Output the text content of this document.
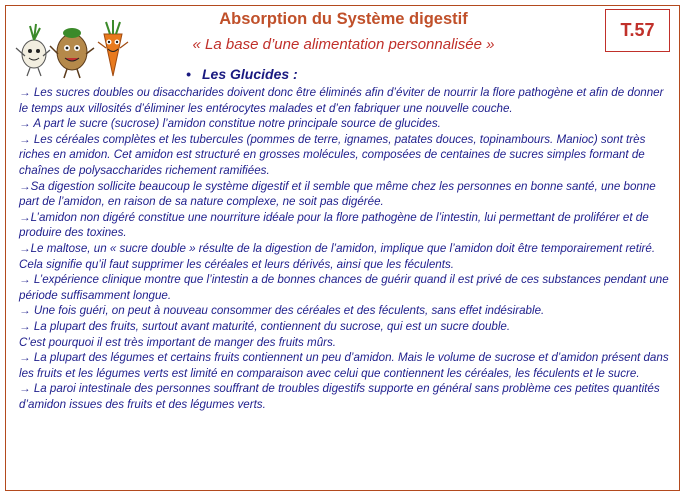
Absorption du Système digestif
« La base d’une alimentation personnalisée »
T.57
• Les Glucides :

→ Les sucres doubles ou disaccharides doivent donc être éliminés afin d’éviter de nourrir la flore pathogène et afin de donner le temps aux villosités d’éliminer les entérocytes malades et d’en fabriquer une nouvelle couche.

→ A part le sucre (sucrose) l’amidon constitue notre principale source de glucides.

→ Les céréales complètes et les tubercules (pommes de terre, ignames, patates douces, topinambours. Manioc) sont très riches en amidon. Cet amidon est structuré en grosses molécules, composées de centaines de sucres simples formant de chaînes de polysaccharides richement ramifiées.

→Sa digestion sollicite beaucoup le système digestif et il semble que même chez les personnes en bonne santé, une bonne part de l’amidon, en raison de sa nature complexe, ne soit pas digérée.

→L’amidon non digéré constitue une nourriture idéale pour la flore pathogène de l’intestin, lui permettant de proliférer et de produire des toxines.

→Le maltose, un « sucre double » résulte de la digestion de l’amidon, implique que l’amidon doit être temporairement retiré. Cela signifie qu’il faut supprimer les céréales et leurs dérivés, ainsi que les féculents.

→ L’expérience clinique montre que l’intestin a de bonnes chances de guérir quand il est privé de ces substances pendant une période suffisamment longue.

→ Une fois guéri, on peut à nouveau consommer des céréales et des féculents, sans effet indésirable.

→ La plupart des fruits, surtout avant maturité, contiennent du sucrose, qui est un sucre double.

C’est pourquoi il est très important de manger des fruits mûrs.

→ La plupart des légumes et certains fruits contiennent un peu d’amidon. Mais le volume de sucrose et d’amidon présent dans les fruits et les légumes verts est limité en comparaison avec celui que contiennent les céréales, les féculents et le sucre.

→ La paroi intestinale des personnes souffrant de troubles digestifs supporte en général sans problème ces petites quantités d’amidon issues des fruits et des légumes verts.
